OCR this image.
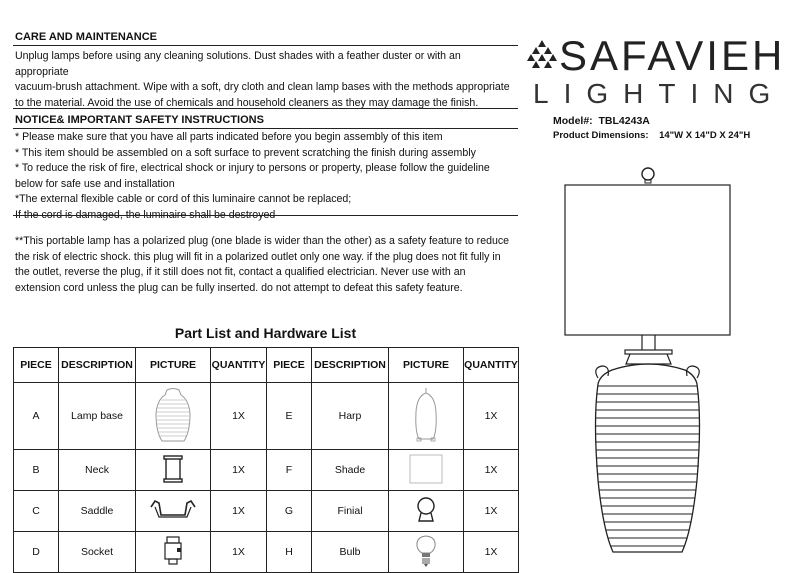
CARE AND MAINTENANCE
Unplug lamps before using any cleaning solutions. Dust shades with a feather duster or with an
appropriate
vacuum-brush attachment. Wipe with a soft, dry cloth and clean lamp bases with the methods appropriate
to the material. Avoid the use of chemicals and household cleaners as they may damage the finish.
NOTICE& IMPORTANT SAFETY INSTRUCTIONS
* Please make sure that you have all parts indicated before you begin assembly of this item
* This item should be assembled on a soft surface to prevent scratching the finish during assembly
* To reduce the risk of fire, electrical shock or injury to persons or property, please follow the guideline
below for safe use and installation
*The external flexible cable or cord of this luminaire cannot be replaced;
If the cord is damaged, the luminaire shall be destroyed
**This portable lamp has a polarized plug (one blade is wider than the other) as a safety feature to reduce
the risk of electric shock. this plug will fit in a polarized outlet only one way. if the plug does not fit fully in
the outlet, reverse the plug, if it still does not fit, contact a qualified electrician. Never use with an
extension cord unless the plug can be fully inserted. do not attempt to defeat this safety feature.
Part List and Hardware List
PIECE	DESCRIPTION	PICTURE	QUANTITY	PIECE	DESCRIPTION	PICTURE	QUANTITY
A	Lamp base		1X	E	Harp		1X
B	Neck		1X	F	Shade		1X
C	Saddle		1X	G	Finial		1X
D	Socket		1X	H	Bulb		1X
SAFAVIEH
LIGHTING
Model#: TBL4243A
Product Dimensions: 14"W X 14"D X 24"H
